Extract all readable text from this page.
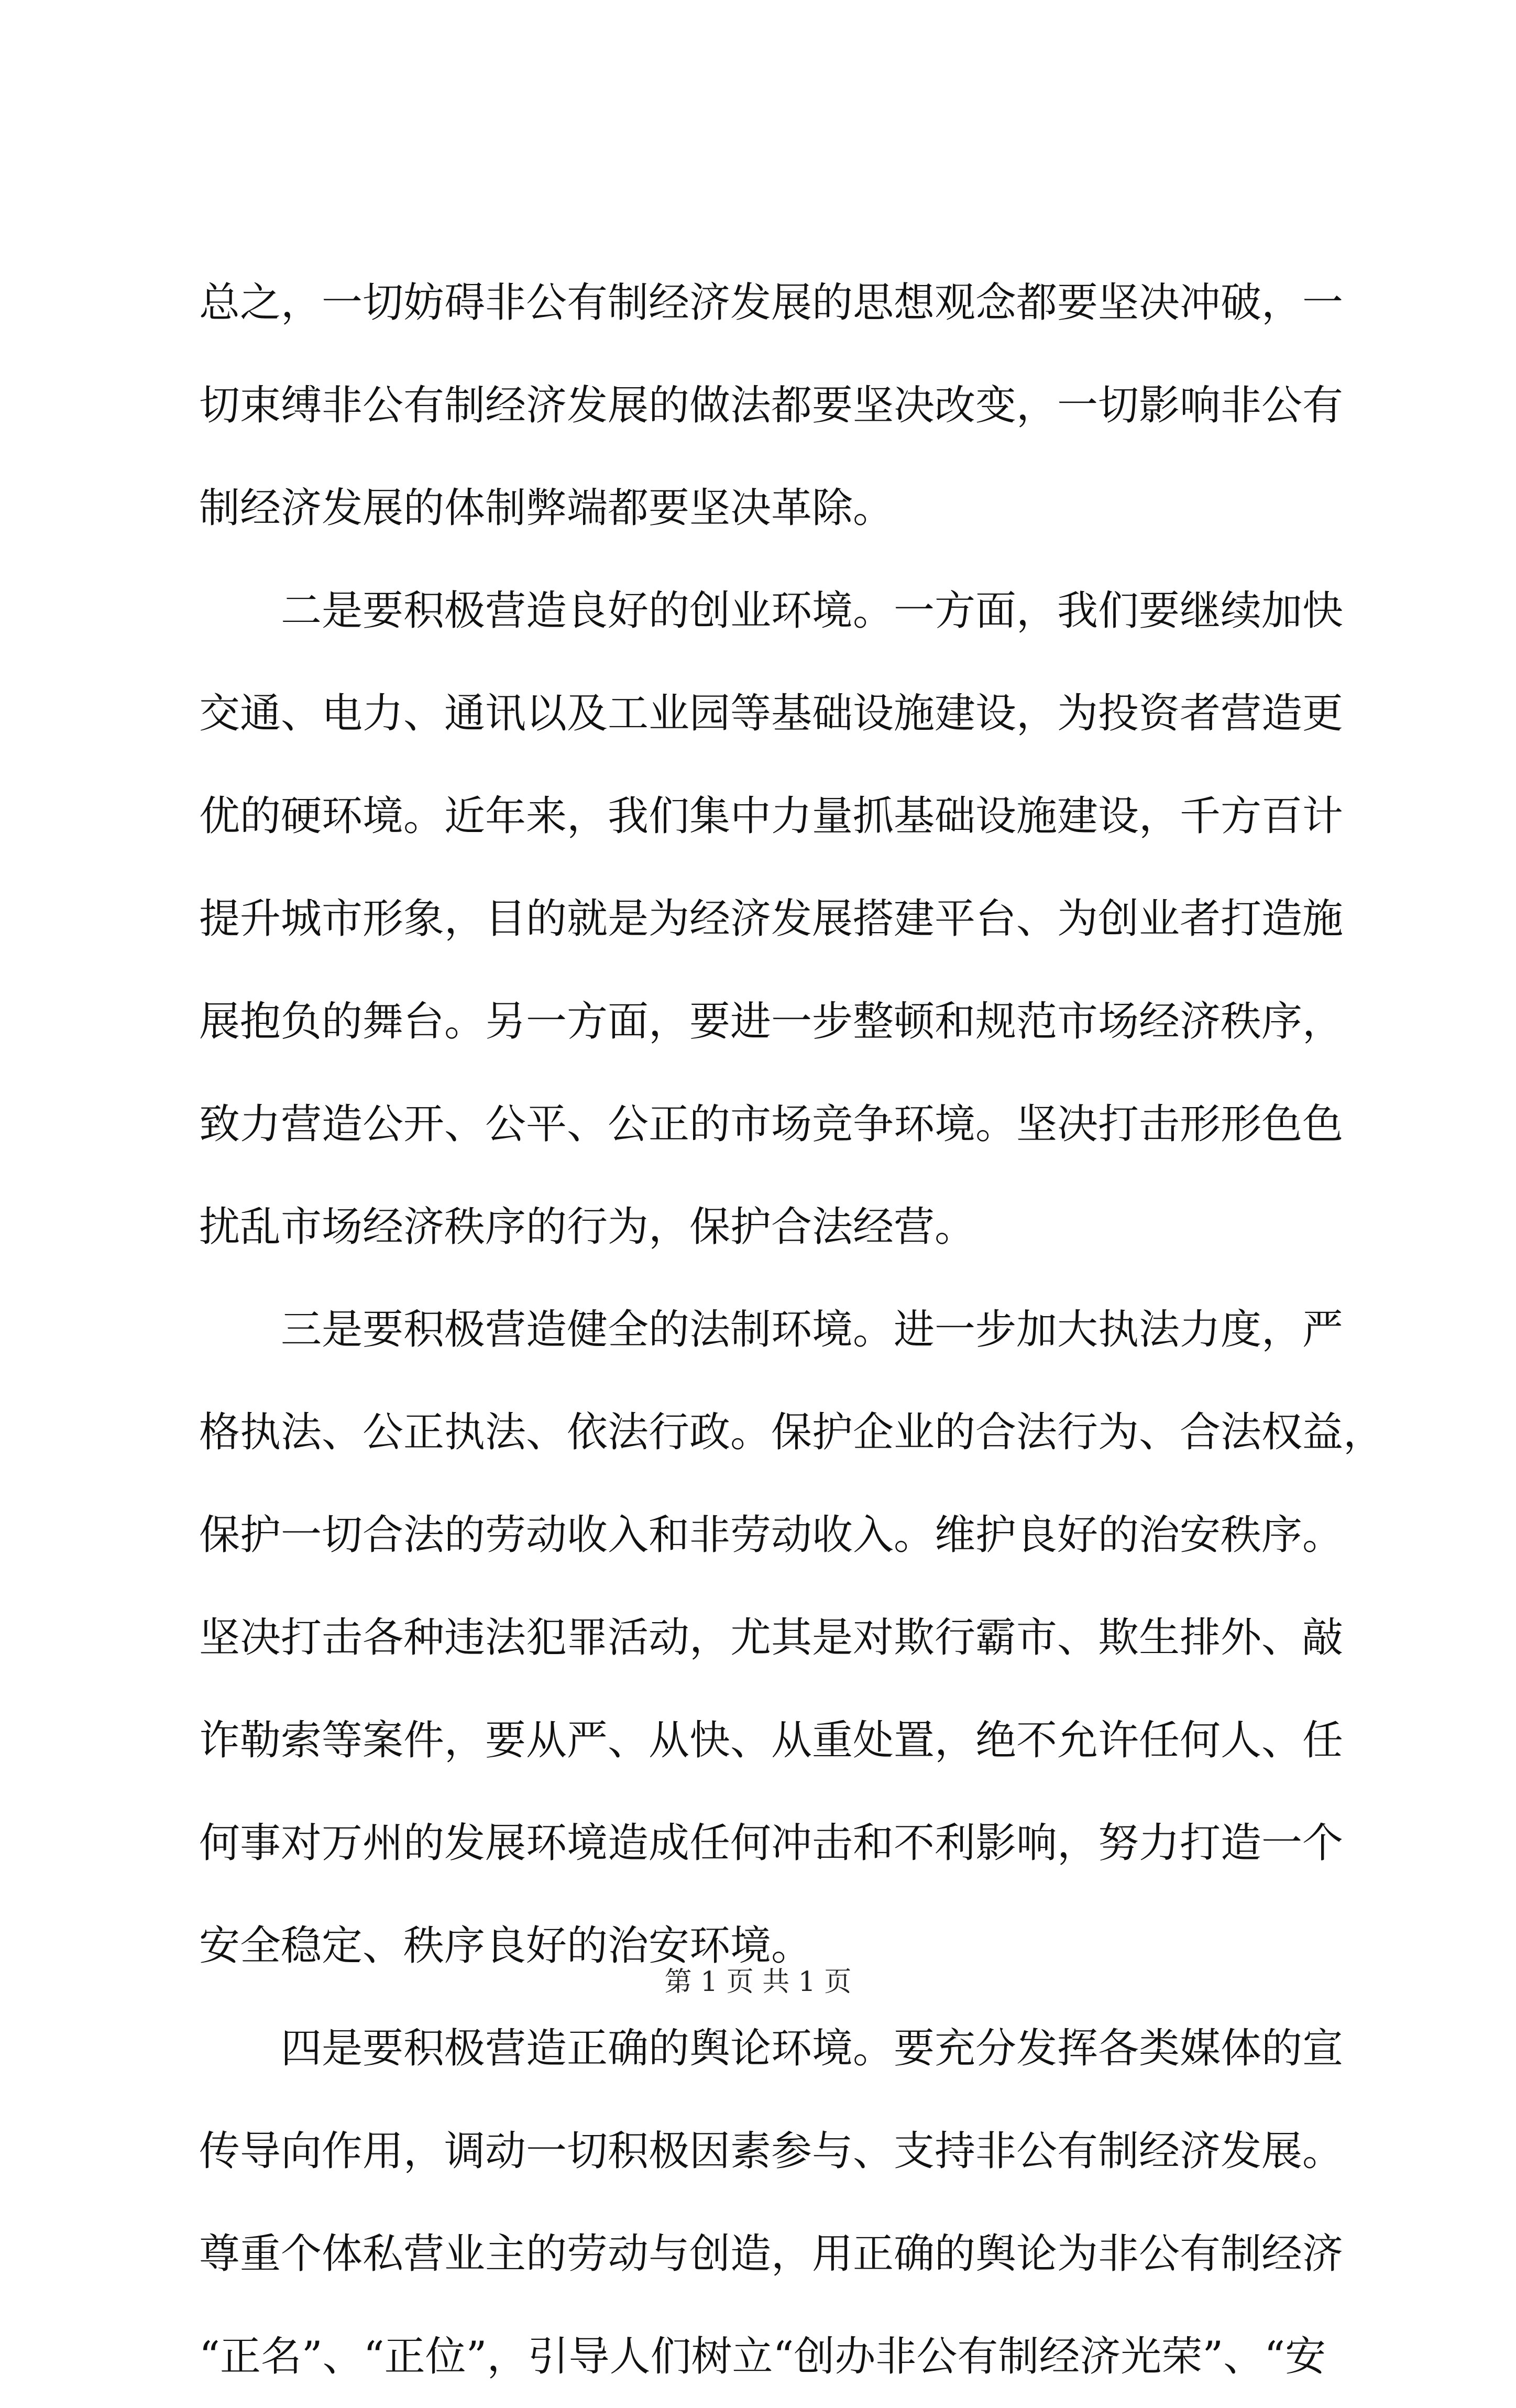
总之，一切妨碍非公有制经济发展的思想观念都要坚决冲破，一
切束缚非公有制经济发展的做法都要坚决改变，一切影响非公有
制经济发展的体制弊端都要坚决革除。
二是要积极营造良好的创业环境。一方面，我们要继续加快
交通、电力、通讯以及工业园等基础设施建设，为投资者营造更
优的硬环境。近年来，我们集中力量抓基础设施建设，千方百计
提升城市形象，目的就是为经济发展搭建平台、为创业者打造施
展抱负的舞台。另一方面，要进一步整顿和规范市场经济秩序，
致力营造公开、公平、公正的市场竞争环境。坚决打击形形色色
扰乱市场经济秩序的行为，保护合法经营。
三是要积极营造健全的法制环境。进一步加大执法力度，严
格执法、公正执法、依法行政。保护企业的合法行为、合法权益，
保护一切合法的劳动收入和非劳动收入。维护良好的治安秩序。
坚决打击各种违法犯罪活动，尤其是对欺行霸市、欺生排外、敲
诈勒索等案件，要从严、从快、从重处置，绝不允许任何人、任
何事对万州的发展环境造成任何冲击和不利影响，努力打造一个
安全稳定、秩序良好的治安环境。
四是要积极营造正确的舆论环境。要充分发挥各类媒体的宣
传导向作用，调动一切积极因素参与、支持非公有制经济发展。
尊重个体私营业主的劳动与创造，用正确的舆论为非公有制经济
“正名”、“正位”，引导人们树立“创办非公有制经济光荣”、“安
第 1 页 共 1 页
